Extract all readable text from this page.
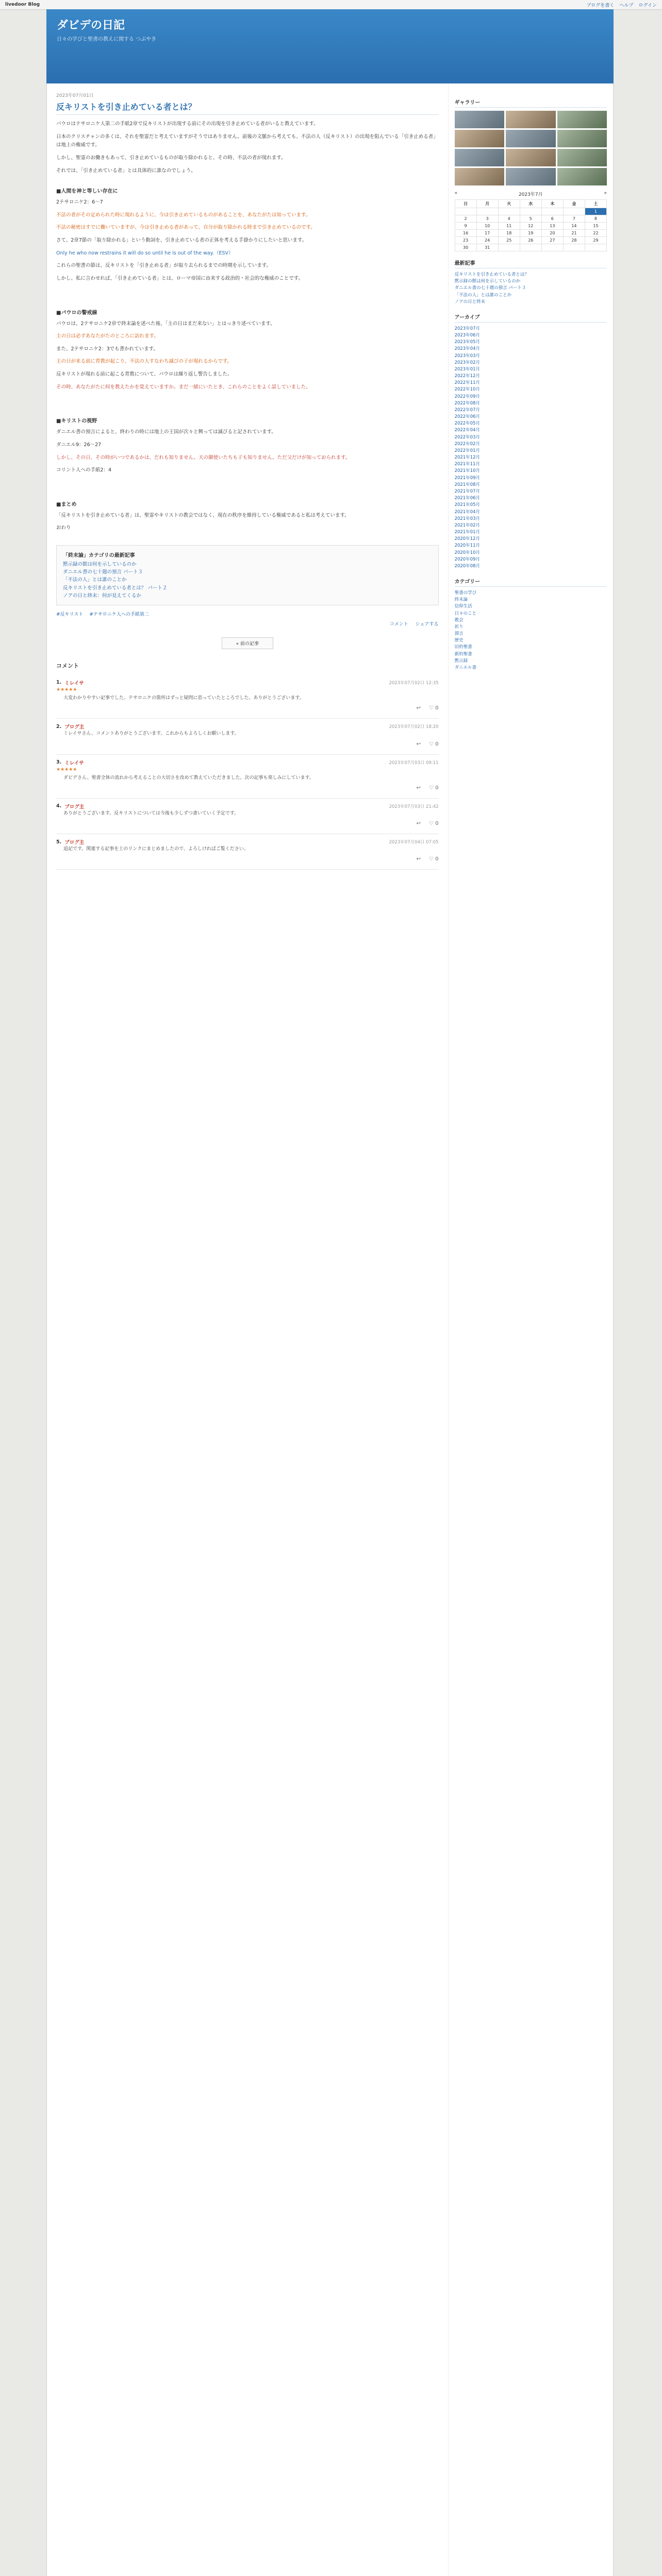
livedoor Blog	ブログを書く ヘルプ ログイン
ダビデの日記
日々の学びと聖書の教えに関する つぶやき
2023年07月01日
反キリストを引き止めている者とは？

パウロはテサロニケ人第二の手紙2章で反キリストが出現する前にその出現を引き止めている者がいると教えています。

日本のクリスチャンの多くは、それを聖霊だと考えていますがそうではありません。前後の文脈から考えても、不法の人（反キリスト）の出現を阻んでいる「引き止める者」は地上の権威です。

しかし、聖霊のお働きもあって、引き止めているものが取り除かれると、その時、不法の者が現れます。

それでは、「引き止めている者」とは具体的に誰なのでしょう。

■人間を神と等しい存在に

2テサロニケ2：6〜7

不法の者がその定められた時に現れるように、今は引き止めているものがあることを、あなたがたは知っています。

不法の秘密はすでに働いていますが、今は引き止める者があって、自分が取り除かれる時まで引き止めているのです。

さて、2章7節の「取り除かれる」という動詞を、引き止めている者の正体を考える手掛かりにしたいと思います。

Only he who now restrains it will do so until he is out of the way.（ESV）

これらの聖書の節は、反キリストを「引き止める者」が取り去られるまでの時期を示しています。

しかし、私に言わせれば、「引き止めている者」とは、ローマ帝国に由来する政治的・社会的な権威のことです。

■パウロの警戒線

パウロは、2テサロニケ2章で終末論を述べた後、「主の日はまだ来ない」とはっきり述べています。

主の日は必ずあなたがたのところに訪れます。

また、2テサロニケ2：3でも書かれています。

主の日が来る前に背教が起こり、不法の人すなわち滅びの子が現れるからです。

反キリストが現れる前に起こる背教について、パウロは繰り返し警告しました。

その時、あなたがたに何を教えたかを覚えていますか。まだ一緒にいたとき、これらのことをよく話していました。

■キリストの視野

ダニエル書の預言によると、終わりの時には地上の王国が次々と興っては滅びると記されています。

ダニエル9：26〜27

しかし、その日、その時がいつであるかは、だれも知りません。天の御使いたちも子も知りません。ただ父だけが知っておられます。

コリント人への手紙2：4

■まとめ

「反キリストを引き止めている者」は、聖霊やキリストの教会ではなく、現在の秩序を維持している権威であると私は考えています。

おわり

「終末論」カテゴリの最新記事
黙示録の獣は何を示しているのか
ダニエル書の七十週の預言 パート３
「不法の人」とは誰のことか
反キリストを引き止めている者とは？ パート２
ノアの日と終末：何が見えてくるか
#反キリスト #テサロニケ人への手紙第二
コメント シェアする
« 前の記事
コメント
1. ミレイサ	2023年07月02日 12:35
★★★★★
大変わかりやすい記事でした。テサロニケの箇所はずっと疑問に思っていたところでした。ありがとうございます。
↩ ♡ 0
2. ブログ主	2023年07月02日 18:20
ミレイサさん、コメントありがとうございます。これからもよろしくお願いします。
↩ ♡ 0
3. ミレイサ	2023年07月03日 09:11
★★★★★
ダビデさん。聖書全体の流れから考えることの大切さを改めて教えていただきました。次の記事も楽しみにしています。
↩ ♡ 0
4. ブログ主	2023年07月03日 21:42
ありがとうございます。反キリストについては今後も少しずつ書いていく予定です。
↩ ♡ 0
5. ブログ主	2023年07月04日 07:05
追記です。関連する記事を上のリンクにまとめましたので、よろしければご覧ください。
↩ ♡ 0
ギャラリー
«	2023年7月	»
日	月	火	水	木	金	土
						1
2	3	4	5	6	7	8
9	10	11	12	13	14	15
16	17	18	19	20	21	22
23	24	25	26	27	28	29
30	31					
最新記事
反キリストを引き止めている者とは？
黙示録の獣は何を示しているのか
ダニエル書の七十週の預言 パート３
「不法の人」とは誰のことか
ノアの日と終末
アーカイブ
2023年07月
2023年06月
2023年05月
2023年04月
2023年03月
2023年02月
2023年01月
2022年12月
2022年11月
2022年10月
2022年09月
2022年08月
2022年07月
2022年06月
2022年05月
2022年04月
2022年03月
2022年02月
2022年01月
2021年12月
2021年11月
2021年10月
2021年09月
2021年08月
2021年07月
2021年06月
2021年05月
2021年04月
2021年03月
2021年02月
2021年01月
2020年12月
2020年11月
2020年10月
2020年09月
2020年08月
カテゴリー
聖書の学び
終末論
信仰生活
日々のこと
教会
祈り
預言
歴史
旧約聖書
新約聖書
黙示録
ダニエル書
